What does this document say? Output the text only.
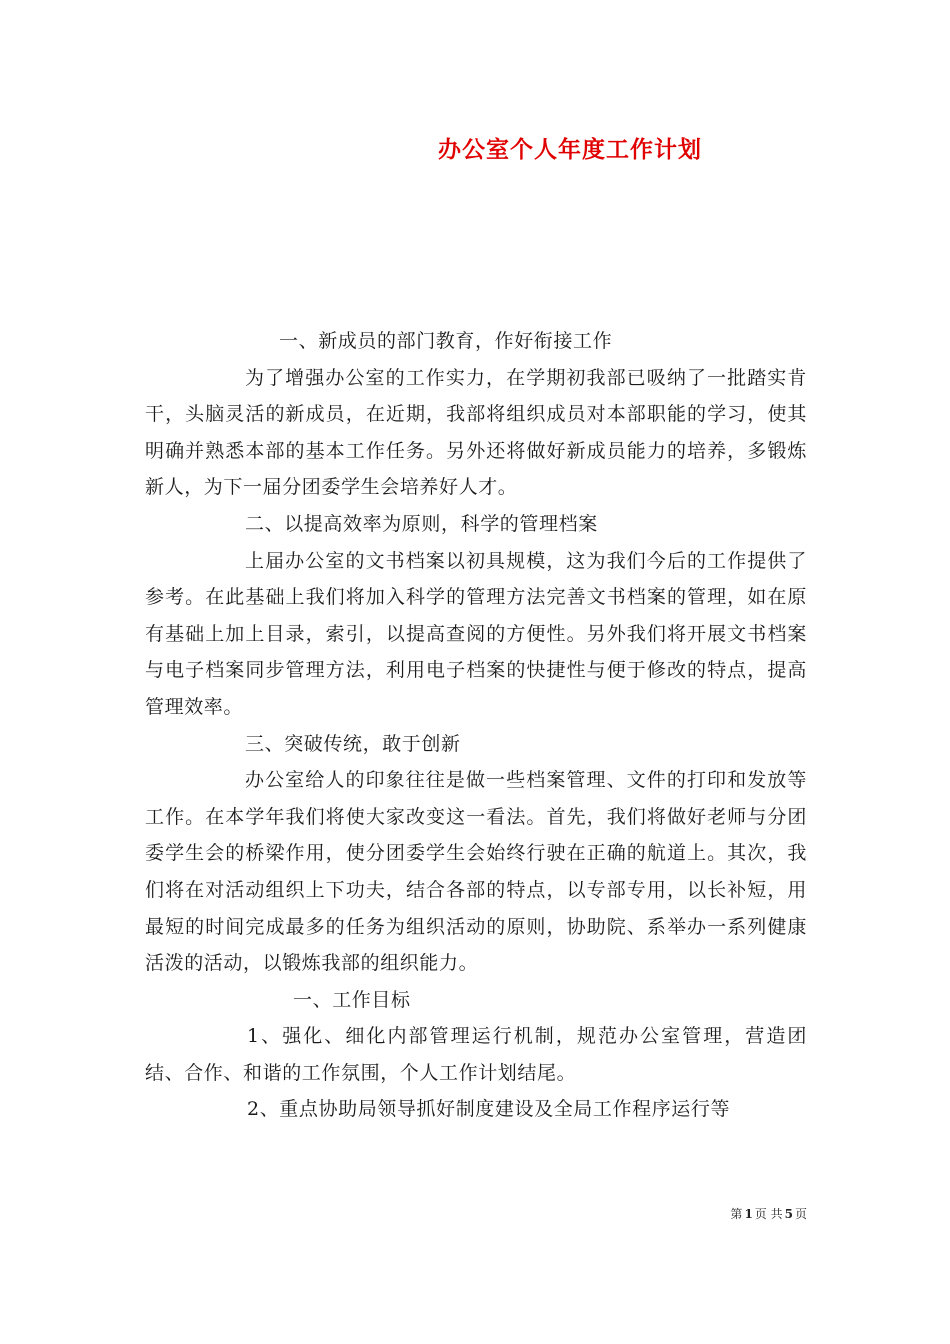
办公室个人年度工作计划

一、新成员的部门教育，作好衔接工作

为了增强办公室的工作实力，在学期初我部已吸纳了一批踏实肯干，头脑灵活的新成员，在近期，我部将组织成员对本部职能的学习，使其明确并熟悉本部的基本工作任务。另外还将做好新成员能力的培养，多锻炼新人，为下一届分团委学生会培养好人才。

二、以提高效率为原则，科学的管理档案

上届办公室的文书档案以初具规模，这为我们今后的工作提供了参考。在此基础上我们将加入科学的管理方法完善文书档案的管理，如在原有基础上加上目录，索引，以提高查阅的方便性。另外我们将开展文书档案与电子档案同步管理方法，利用电子档案的快捷性与便于修改的特点，提高管理效率。

三、突破传统，敢于创新

办公室给人的印象往往是做一些档案管理、文件的打印和发放等工作。在本学年我们将使大家改变这一看法。首先，我们将做好老师与分团委学生会的桥梁作用，使分团委学生会始终行驶在正确的航道上。其次，我们将在对活动组织上下功夫，结合各部的特点，以专部专用，以长补短，用最短的时间完成最多的任务为组织活动的原则，协助院、系举办一系列健康活泼的活动，以锻炼我部的组织能力。

一、工作目标

1、强化、细化内部管理运行机制，规范办公室管理，营造团结、合作、和谐的工作氛围，个人工作计划结尾。

2、重点协助局领导抓好制度建设及全局工作程序运行等

第 1 页 共 5 页
